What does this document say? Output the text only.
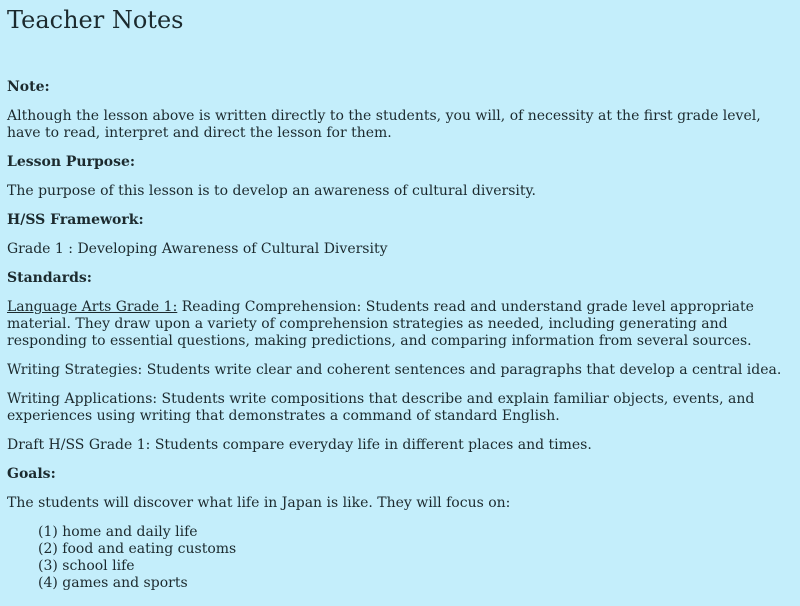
Teacher Notes

Note:

Although the lesson above is written directly to the students, you will, of necessity at the first grade level, have to read, interpret and direct the lesson for them.

Lesson Purpose:

The purpose of this lesson is to develop an awareness of cultural diversity.

H/SS Framework:

Grade 1 : Developing Awareness of Cultural Diversity

Standards:

Language Arts Grade 1: Reading Comprehension: Students read and understand grade level appropriate material. They draw upon a variety of comprehension strategies as needed, including generating and responding to essential questions, making predictions, and comparing information from several sources.

Writing Strategies: Students write clear and coherent sentences and paragraphs that develop a central idea.

Writing Applications: Students write compositions that describe and explain familiar objects, events, and experiences using writing that demonstrates a command of standard English.

Draft H/SS Grade 1: Students compare everyday life in different places and times.

Goals:

The students will discover what life in Japan is like. They will focus on:

(1) home and daily life
(2) food and eating customs
(3) school life
(4) games and sports
